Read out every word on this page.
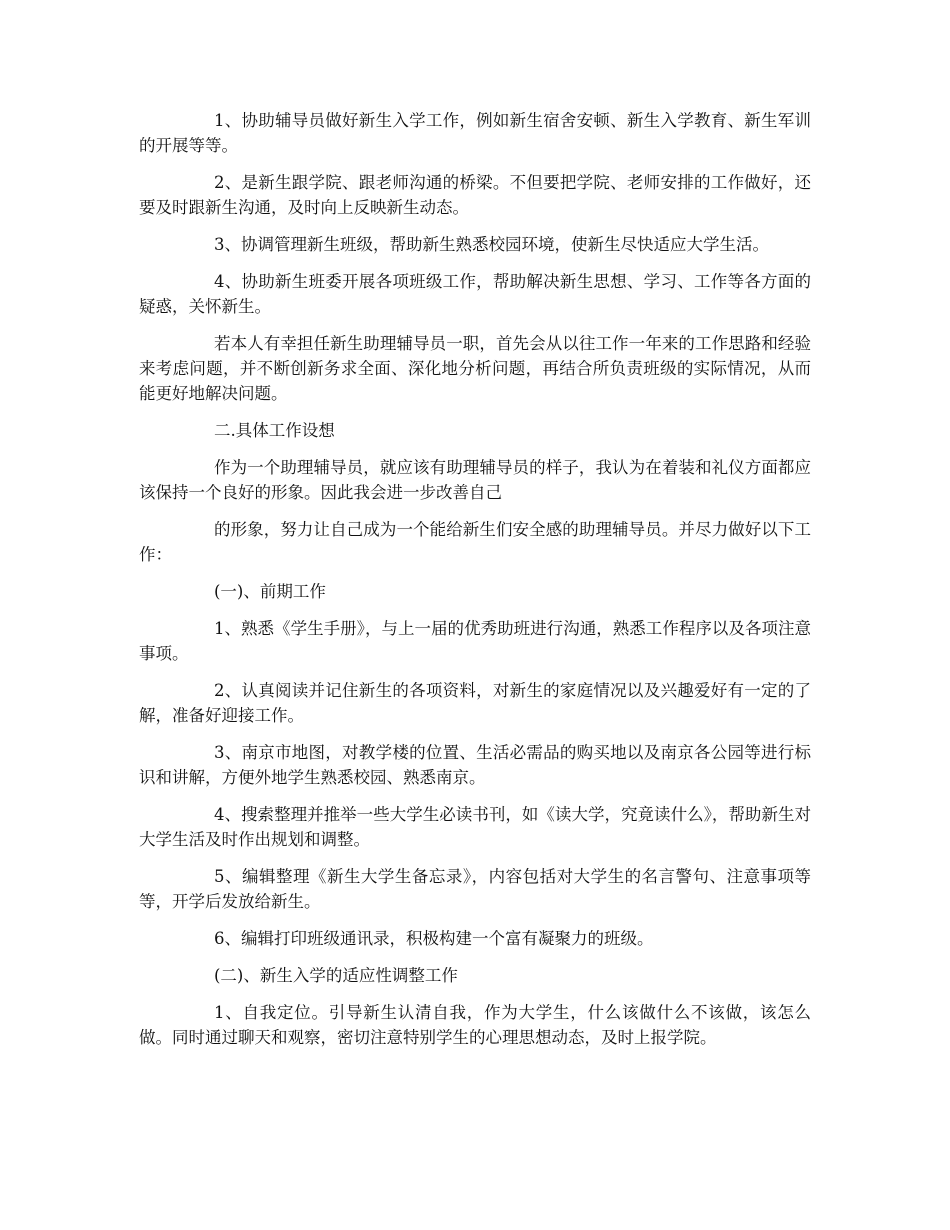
1、协助辅导员做好新生入学工作，例如新生宿舍安顿、新生入学教育、新生军训的开展等等。

2、是新生跟学院、跟老师沟通的桥梁。不但要把学院、老师安排的工作做好，还要及时跟新生沟通，及时向上反映新生动态。

3、协调管理新生班级，帮助新生熟悉校园环境，使新生尽快适应大学生活。

4、协助新生班委开展各项班级工作，帮助解决新生思想、学习、工作等各方面的疑惑，关怀新生。

若本人有幸担任新生助理辅导员一职，首先会从以往工作一年来的工作思路和经验来考虑问题，并不断创新务求全面、深化地分析问题，再结合所负责班级的实际情况，从而能更好地解决问题。

二.具体工作设想

作为一个助理辅导员，就应该有助理辅导员的样子，我认为在着装和礼仪方面都应该保持一个良好的形象。因此我会进一步改善自己

的形象，努力让自己成为一个能给新生们安全感的助理辅导员。并尽力做好以下工作：

(一)、前期工作

1、熟悉《学生手册》，与上一届的优秀助班进行沟通，熟悉工作程序以及各项注意事项。

2、认真阅读并记住新生的各项资料，对新生的家庭情况以及兴趣爱好有一定的了解，准备好迎接工作。

3、南京市地图，对教学楼的位置、生活必需品的购买地以及南京各公园等进行标识和讲解，方便外地学生熟悉校园、熟悉南京。

4、搜索整理并推举一些大学生必读书刊，如《读大学，究竟读什么》，帮助新生对大学生活及时作出规划和调整。

5、编辑整理《新生大学生备忘录》，内容包括对大学生的名言警句、注意事项等等，开学后发放给新生。

6、编辑打印班级通讯录，积极构建一个富有凝聚力的班级。

(二)、新生入学的适应性调整工作

1、自我定位。引导新生认清自我，作为大学生，什么该做什么不该做，该怎么做。同时通过聊天和观察，密切注意特别学生的心理思想动态，及时上报学院。
